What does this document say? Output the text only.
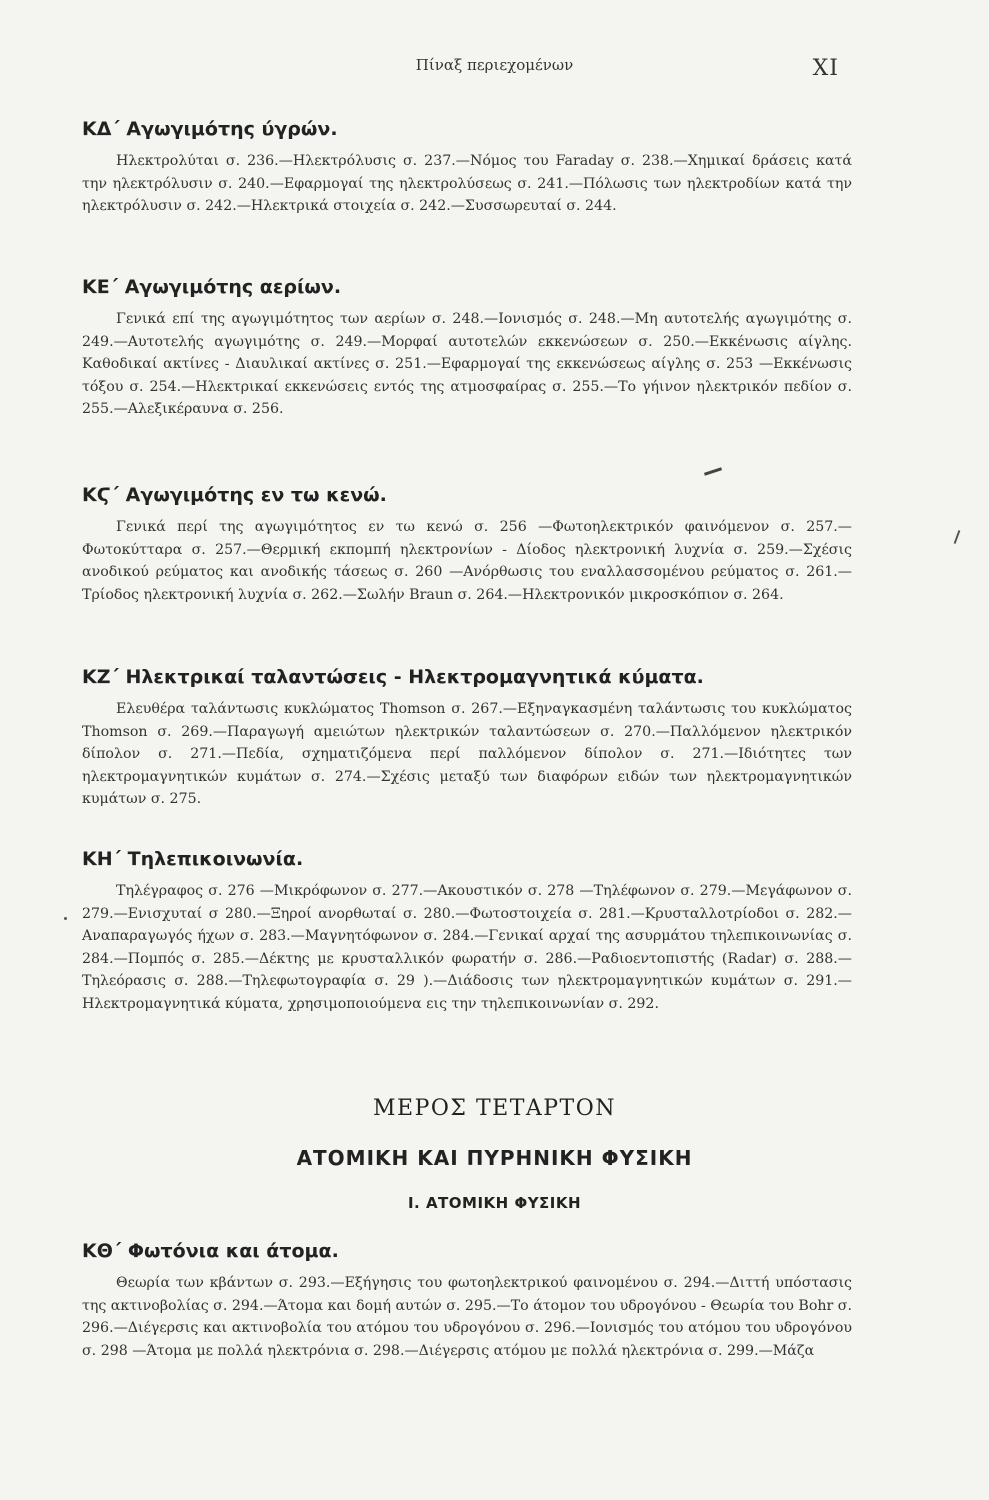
Πίναξ περιεχομένων	XI
ΚΔ΄ Αγωγιμότης ύγρών.

Ηλεκτρολύται σ. 236.—Ηλεκτρόλυσις σ. 237.—Νόμος του Faraday σ. 238.—Χημικαί δράσεις κατά την ηλεκτρόλυσιν σ. 240.—Εφαρμογαί της ηλεκτρολύσεως σ. 241.—Πόλωσις των ηλεκτροδίων κατά την ηλεκτρόλυσιν σ. 242.—Ηλεκτρικά στοιχεία σ. 242.—Συσσωρευταί σ. 244.

ΚΕ΄ Αγωγιμότης αερίων.

Γενικά επί της αγωγιμότητος των αερίων σ. 248.—Ιονισμός σ. 248.—Μη αυτοτελής αγωγιμότης σ. 249.—Αυτοτελής αγωγιμότης σ. 249.—Μορφαί αυτοτελών εκκενώσεων σ. 250.—Εκκένωσις αίγλης. Καθοδικαί ακτίνες - Διαυλικαί ακτίνες σ. 251.—Εφαρμογαί της εκκενώσεως αίγλης σ. 253 —Εκκένωσις τόξου σ. 254.—Ηλεκτρικαί εκκενώσεις εντός της ατμοσφαίρας σ. 255.—Το γήινον ηλεκτρικόν πεδίον σ. 255.—Αλεξικέραυνα σ. 256.

ΚϚ΄ Αγωγιμότης εν τω κενώ.

Γενικά περί της αγωγιμότητος εν τω κενώ σ. 256 —Φωτοηλεκτρικόν φαινόμενον σ. 257.—Φωτοκύτταρα σ. 257.—Θερμική εκπομπή ηλεκτρονίων - Δίοδος ηλεκτρονική λυχνία σ. 259.—Σχέσις ανοδικού ρεύματος και ανοδικής τάσεως σ. 260 —Ανόρθωσις του εναλλασσομένου ρεύματος σ. 261.—Τρίοδος ηλεκτρονική λυχνία σ. 262.—Σωλήν Braun σ. 264.—Ηλεκτρονικόν μικροσκόπιον σ. 264.

ΚΖ΄ Ηλεκτρικαί ταλαντώσεις - Ηλεκτρομαγνητικά κύματα.

Ελευθέρα ταλάντωσις κυκλώματος Thomson σ. 267.—Εξηναγκασμένη ταλάντωσις του κυκλώματος Thomson σ. 269.—Παραγωγή αμειώτων ηλεκτρικών ταλαντώσεων σ. 270.—Παλλόμενον ηλεκτρικόν δίπολον σ. 271.—Πεδία, σχηματιζόμενα περί παλλόμενον δίπολον σ. 271.—Ιδιότητες των ηλεκτρομαγνητικών κυμάτων σ. 274.—Σχέσις μεταξύ των διαφόρων ειδών των ηλεκτρομαγνητικών κυμάτων σ. 275.

ΚΗ΄ Τηλεπικοινωνία.

Τηλέγραφος σ. 276 —Μικρόφωνον σ. 277.—Ακουστικόν σ. 278 —Τηλέφωνον σ. 279.—Μεγάφωνον σ. 279.—Ενισχυταί σ 280.—Ξηροί ανορθωταί σ. 280.—Φωτοστοιχεία σ. 281.—Κρυσταλλοτρίοδοι σ. 282.—Αναπαραγωγός ήχων σ. 283.—Μαγνητόφωνον σ. 284.—Γενικαί αρχαί της ασυρμάτου τηλεπικοινωνίας σ. 284.—Πομπός σ. 285.—Δέκτης με κρυσταλλικόν φωρατήν σ. 286.—Ραδιοεντοπιστής (Radar) σ. 288.—Τηλεόρασις σ. 288.—Τηλεφωτογραφία σ. 29 ).—Διάδοσις των ηλεκτρομαγνητικών κυμάτων σ. 291.—Ηλεκτρομαγνητικά κύματα, χρησιμοποιούμενα εις την τηλεπικοινωνίαν σ. 292.

ΜΕΡΟΣ ΤΕΤΑΡΤΟΝ
ΑΤΟΜΙΚΗ ΚΑΙ ΠΥΡΗΝΙΚΗ ΦΥΣΙΚΗ
Ι. ΑΤΟΜΙΚΗ ΦΥΣΙΚΗ
ΚΘ΄ Φωτόνια και άτομα.

Θεωρία των κβάντων σ. 293.—Εξήγησις του φωτοηλεκτρικού φαινομένου σ. 294.—Διττή υπόστασις της ακτινοβολίας σ. 294.—Άτομα και δομή αυτών σ. 295.—Το άτομον του υδρογόνου - Θεωρία του Bohr σ. 296.—Διέγερσις και ακτινοβολία του ατόμου του υδρογόνου σ. 296.—Ιονισμός του ατόμου του υδρογόνου σ. 298 —Άτομα με πολλά ηλεκτρόνια σ. 298.—Διέγερσις ατόμου με πολλά ηλεκτρόνια σ. 299.—Μάζα
